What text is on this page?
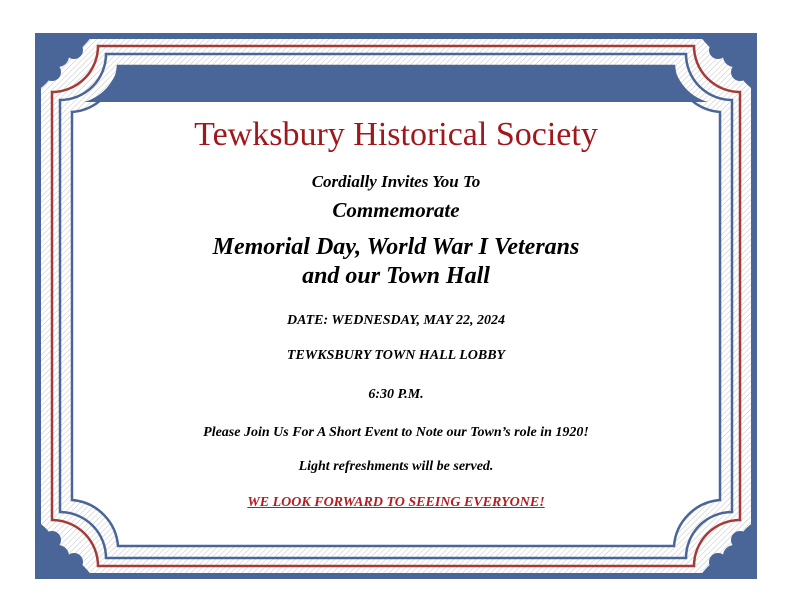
Tewksbury Historical Society
Cordially Invites You To
Commemorate
Memorial Day, World War I Veterans
and our Town Hall
DATE: WEDNESDAY, MAY 22, 2024
TEWKSBURY TOWN HALL LOBBY
6:30 P.M.
Please Join Us For A Short Event to Note our Town’s role in 1920!
Light refreshments will be served.
WE LOOK FORWARD TO SEEING EVERYONE!
